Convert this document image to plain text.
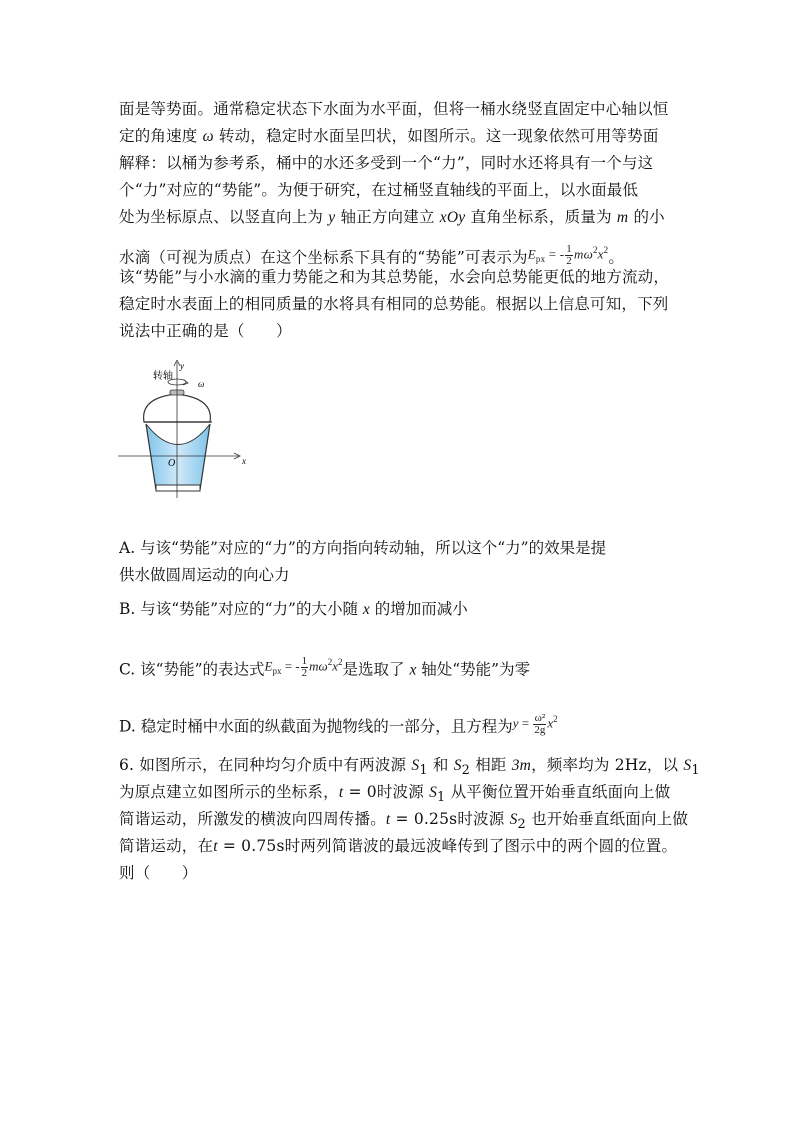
面是等势面。通常稳定状态下水面为水平面，但将一桶水绕竖直固定中心轴以恒
定的角速度 ω 转动，稳定时水面呈凹状，如图所示。这一现象依然可用等势面
解释：以桶为参考系，桶中的水还多受到一个“力”，同时水还将具有一个与这
个“力”对应的“势能”。为便于研究，在过桶竖直轴线的平面上，以水面最低
处为坐标原点、以竖直向上为 y 轴正方向建立 xOy 直角坐标系，质量为 m 的小
水滴（可视为质点）在这个坐标系下具有的“势能”可表示为$E_{px}$ = - $\frac{1}{2} m\omega^2x^2$。
该“势能”与小水滴的重力势能之和为其总势能，水会向总势能更低的地方流动，
稳定时水表面上的相同质量的水将具有相同的总势能。根据以上信息可知，下列
说法中正确的是（　　）
y
x
O
转轴
ω
A. 与该“势能”对应的“力”的方向指向转动轴，所以这个“力”的效果是提
供水做圆周运动的向心力
B. 与该“势能”对应的“力”的大小随 x 的增加而减小
C. 该“势能”的表达式$E_{px}$ = - $\frac{1}{2} m\omega^2x^2$是选取了 x 轴处“势能”为零
D. 稳定时桶中水面的纵截面为抛物线的一部分，且方程为$y = \frac{\text{ω²}}{2g} x^2$
6. 如图所示，在同种均匀介质中有两波源 $S_1$ 和 $S_2$ 相距 3m，频率均为 2Hz，以 $S_1$
为原点建立如图所示的坐标系，t = 0时波源 $S_1$ 从平衡位置开始垂直纸面向上做
简谐运动，所激发的横波向四周传播。t = 0.25s时波源 $S_2$ 也开始垂直纸面向上做
简谐运动，在t = 0.75s时两列简谐波的最远波峰传到了图示中的两个圆的位置。
则（　　）
